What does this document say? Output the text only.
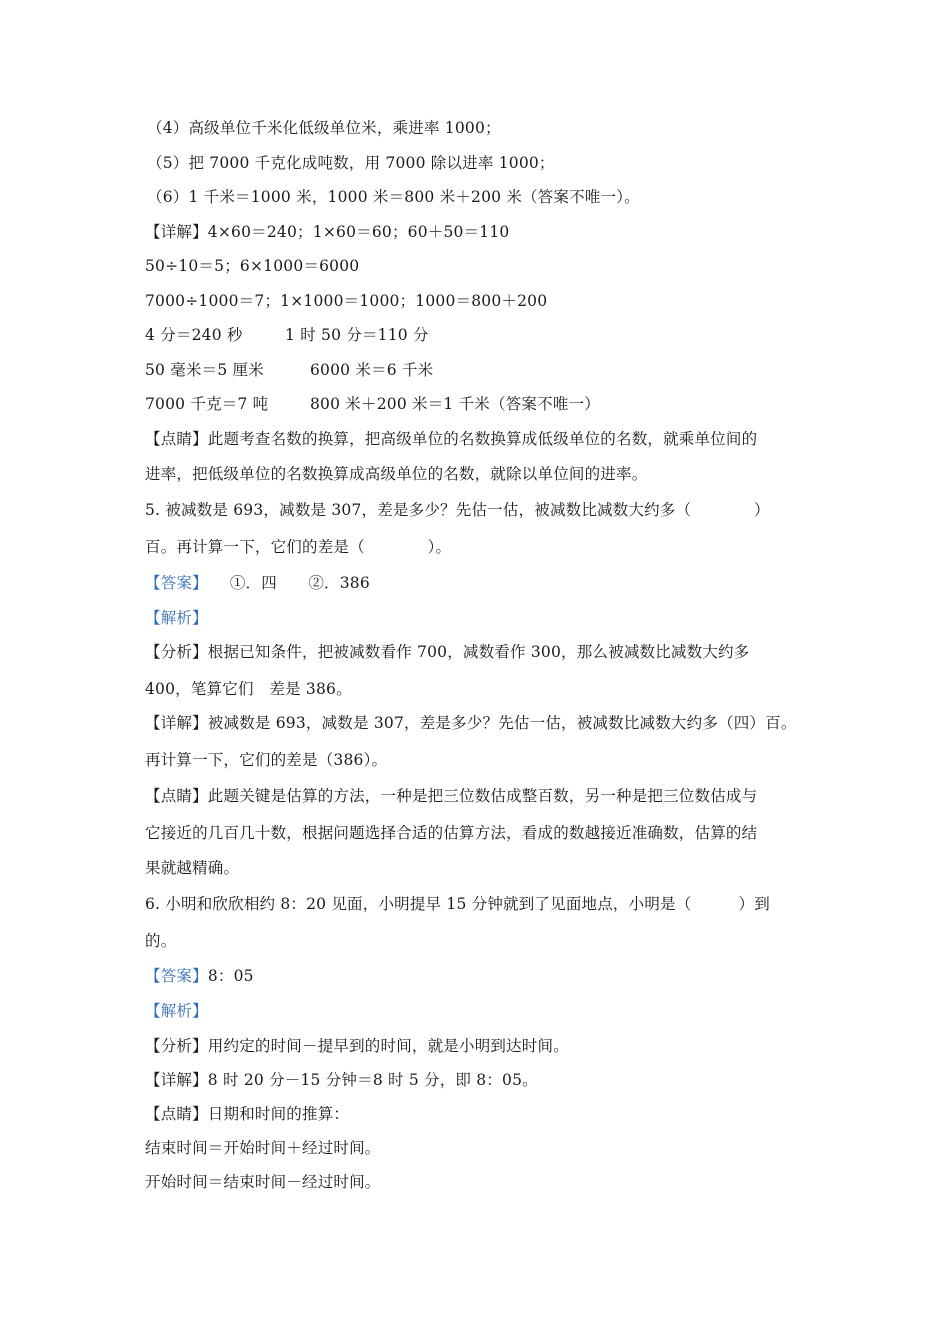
（4）高级单位千米化低级单位米，乘进率 1000；
（5）把 7000 千克化成吨数，用 7000 除以进率 1000；
（6）1 千米＝1000 米，1000 米＝800 米＋200 米（答案不唯一）。
【详解】4×60＝240；1×60＝60；60＋50＝110
50÷10＝5；6×1000＝6000
7000÷1000＝7；1×1000＝1000；1000＝800＋200
4 分＝240 秒	1 时 50 分＝110 分
50 毫米＝5 厘米	6000 米＝6 千米
7000 千克＝7 吨	800 米＋200 米＝1 千米（答案不唯一）
【点睛】此题考查名数的换算，把高级单位的名数换算成低级单位的名数，就乘单位间的
进率，把低级单位的名数换算成高级单位的名数，就除以单位间的进率。
5. 被减数是 693，减数是 307，差是多少？先估一估，被减数比减数大约多（　　　　）
百。再计算一下，它们的差是（　　　　）。
【答案】 ①．四　　②．386
【解析】
【分析】根据已知条件，把被减数看作 700，减数看作 300，那么被减数比减数大约多
400，笔算它们　差是 386。
【详解】被减数是 693，减数是 307，差是多少？先估一估，被减数比减数大约多（四）百。
再计算一下，它们的差是（386）。
【点睛】此题关键是估算的方法，一种是把三位数估成整百数，另一种是把三位数估成与
它接近的几百几十数，根据问题选择合适的估算方法，看成的数越接近准确数，估算的结
果就越精确。
6. 小明和欣欣相约 8：20 见面，小明提早 15 分钟就到了见面地点，小明是（　　　）到
的。
【答案】8：05
【解析】
【分析】用约定的时间－提早到的时间，就是小明到达时间。
【详解】8 时 20 分－15 分钟＝8 时 5 分，即 8：05。
【点睛】日期和时间的推算：
结束时间＝开始时间＋经过时间。
开始时间＝结束时间－经过时间。
